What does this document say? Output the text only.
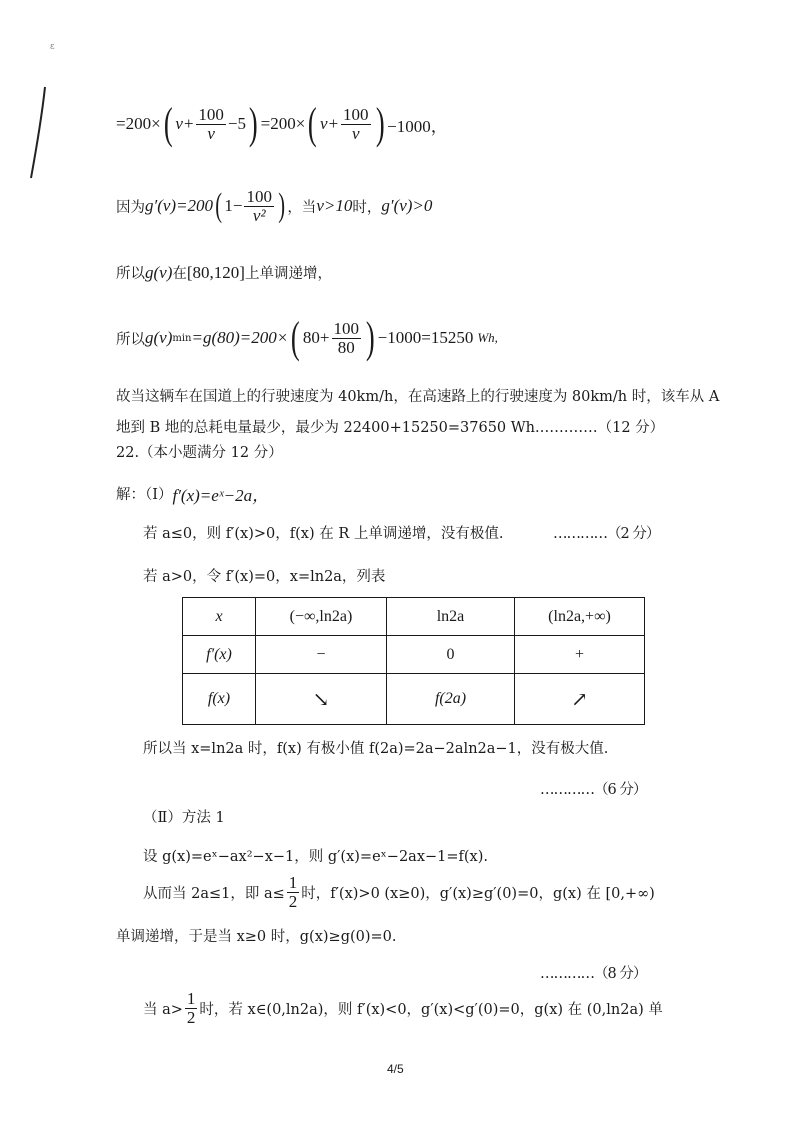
ɛ
=200× ( $v+ \frac{100}{v} -5$ ) =200× ( $v+ \frac{100}{v}$ ) −1000，
因为 g′(v)=200 ( $1- \frac{100}{\text{v²}}$ ) ，当 v>10 时， g′(v)>0
所以 g(v) 在 [80,120] 上单调递增，
所以 g(v) min =g(80)=200× ( $80+ \frac{100}{80}$ ) −1000=15250 Wh,
故当这辆车在国道上的行驶速度为 40km/h，在高速路上的行驶速度为 80km/h 时，该车从 A
地到 B 地的总耗电量最少，最少为 22400+15250=37650 Wh.…………（12 分）
22.（本小题满分 12 分）
解：（Ⅰ） f′(x)=eˣ−2a，
若 a≤0，则 f′(x)>0，f(x) 在 R 上单调递增，没有极值.	…………（2 分）
若 a>0，令 f′(x)=0，x=ln2a，列表
x	(−∞,ln2a)	ln2a	(ln2a,+∞)
f′(x)	−	0	+
f(x)	↘	f(2a)	↗
所以当 x=ln2a 时，f(x) 有极小值 f(2a)=2a−2aln2a−1，没有极大值.
…………（6 分）
（Ⅱ）方法 1
设 g(x)=eˣ−ax²−x−1，则 g′(x)=eˣ−2ax−1=f(x).
从而当 2a≤1，即 $a\le \frac{1}{2}$ 时，f′(x)>0 (x≥0)，g′(x)≥g′(0)=0，g(x) 在 [0,+∞)
单调递增，于是当 x≥0 时，g(x)≥g(0)=0.
…………（8 分）
当 $a> \frac{1}{2}$ 时，若 x∈(0,ln2a)，则 f′(x)<0，g′(x)<g′(0)=0，g(x) 在 (0,ln2a) 单
4/5
